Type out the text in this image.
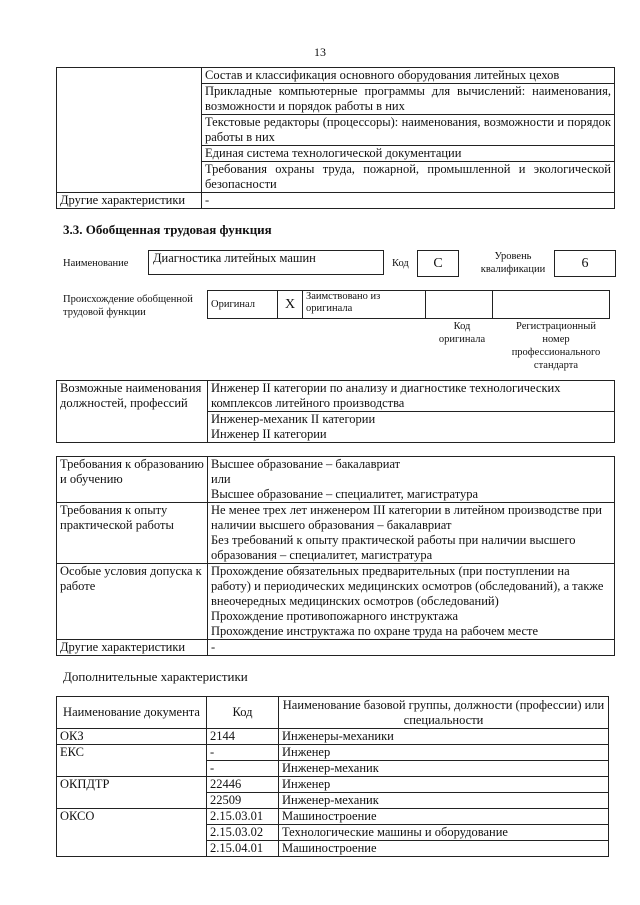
13
	Состав и классификация основного оборудования литейных цехов
	Прикладные компьютерные программы для вычислений: наименования, возможности и порядок работы в них
	Текстовые редакторы (процессоры): наименования, возможности и порядок работы в них
	Единая система технологической документации
	Требования охраны труда, пожарной, промышленной и экологической безопасности
Другие характеристики	-
3.3. Обобщенная трудовая функция
Наименование	Диагностика литейных машин	Код	C	Уровень квалификации	6
Происхождение обобщенной трудовой функции
Оригинал	X	Заимствовано из оригинала		
Код оригинала
Регистрационный номер профессионального стандарта
Возможные наименования должностей, профессий	Инженер II категории по анализу и диагностике технологических комплексов литейного производства
Инженер-механик II категории
Инженер II категории
Требования к образованию и обучению	Высшее образование – бакалавриат
	или
	Высшее образование – специалитет, магистратура
Требования к опыту практической работы	Не менее трех лет инженером III категории в литейном производстве при наличии высшего образования – бакалавриат
	Без требований к опыту практической работы при наличии высшего образования – специалитет, магистратура
Особые условия допуска к работе	Прохождение обязательных предварительных (при поступлении на работу) и периодических медицинских осмотров (обследований), а также внеочередных медицинских осмотров (обследований)
	Прохождение противопожарного инструктажа
	Прохождение инструктажа по охране труда на рабочем месте
Другие характеристики	-
Дополнительные характеристики
Наименование документа	Код	Наименование базовой группы, должности (профессии) или специальности
ОКЗ	2144	Инженеры-механики
ЕКС	-	Инженер
	-	Инженер-механик
ОКПДТР	22446	Инженер
	22509	Инженер-механик
ОКСО	2.15.03.01	Машиностроение
	2.15.03.02	Технологические машины и оборудование
	2.15.04.01	Машиностроение
